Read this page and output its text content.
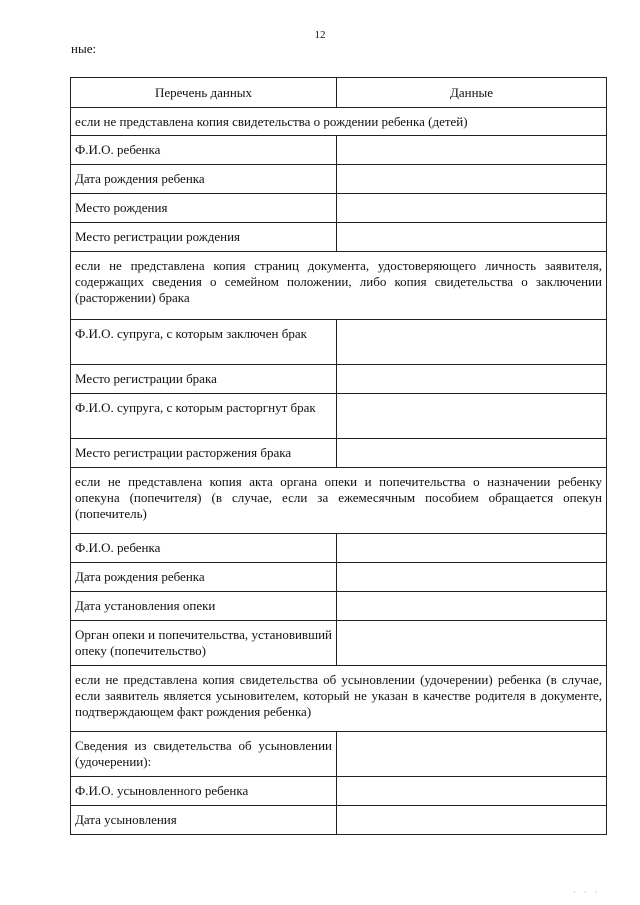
12
ные:
Перечень данных	Данные
если не представлена копия свидетельства о рождении ребенка (детей)	
Ф.И.О. ребенка	
Дата рождения ребенка	
Место рождения	
Место регистрации рождения	
если не представлена копия страниц документа, удостоверяющего личность заявителя, содержащих сведения о семейном положении, либо копия свидетельства о заключении (расторжении) брака	
Ф.И.О. супруга, с которым заключен брак	
Место регистрации брака	
Ф.И.О. супруга, с которым расторгнут брак	
Место регистрации расторжения брака	
если не представлена копия акта органа опеки и попечительства о назначении ребенку опекуна (попечителя) (в случае, если за ежемесячным пособием обращается опекун (попечитель)	
Ф.И.О. ребенка	
Дата рождения ребенка	
Дата установления опеки	
Орган опеки и попечительства, установивший опеку (попечительство)	
если не представлена копия свидетельства об усыновлении (удочерении) ребенка (в случае, если заявитель является усыновителем, который не указан в качестве родителя в документе, подтверждающем факт рождения ребенка)	
Сведения из свидетельства об усыновлении (удочерении):	
Ф.И.О. усыновленного ребенка	
Дата усыновления	
· · ·
